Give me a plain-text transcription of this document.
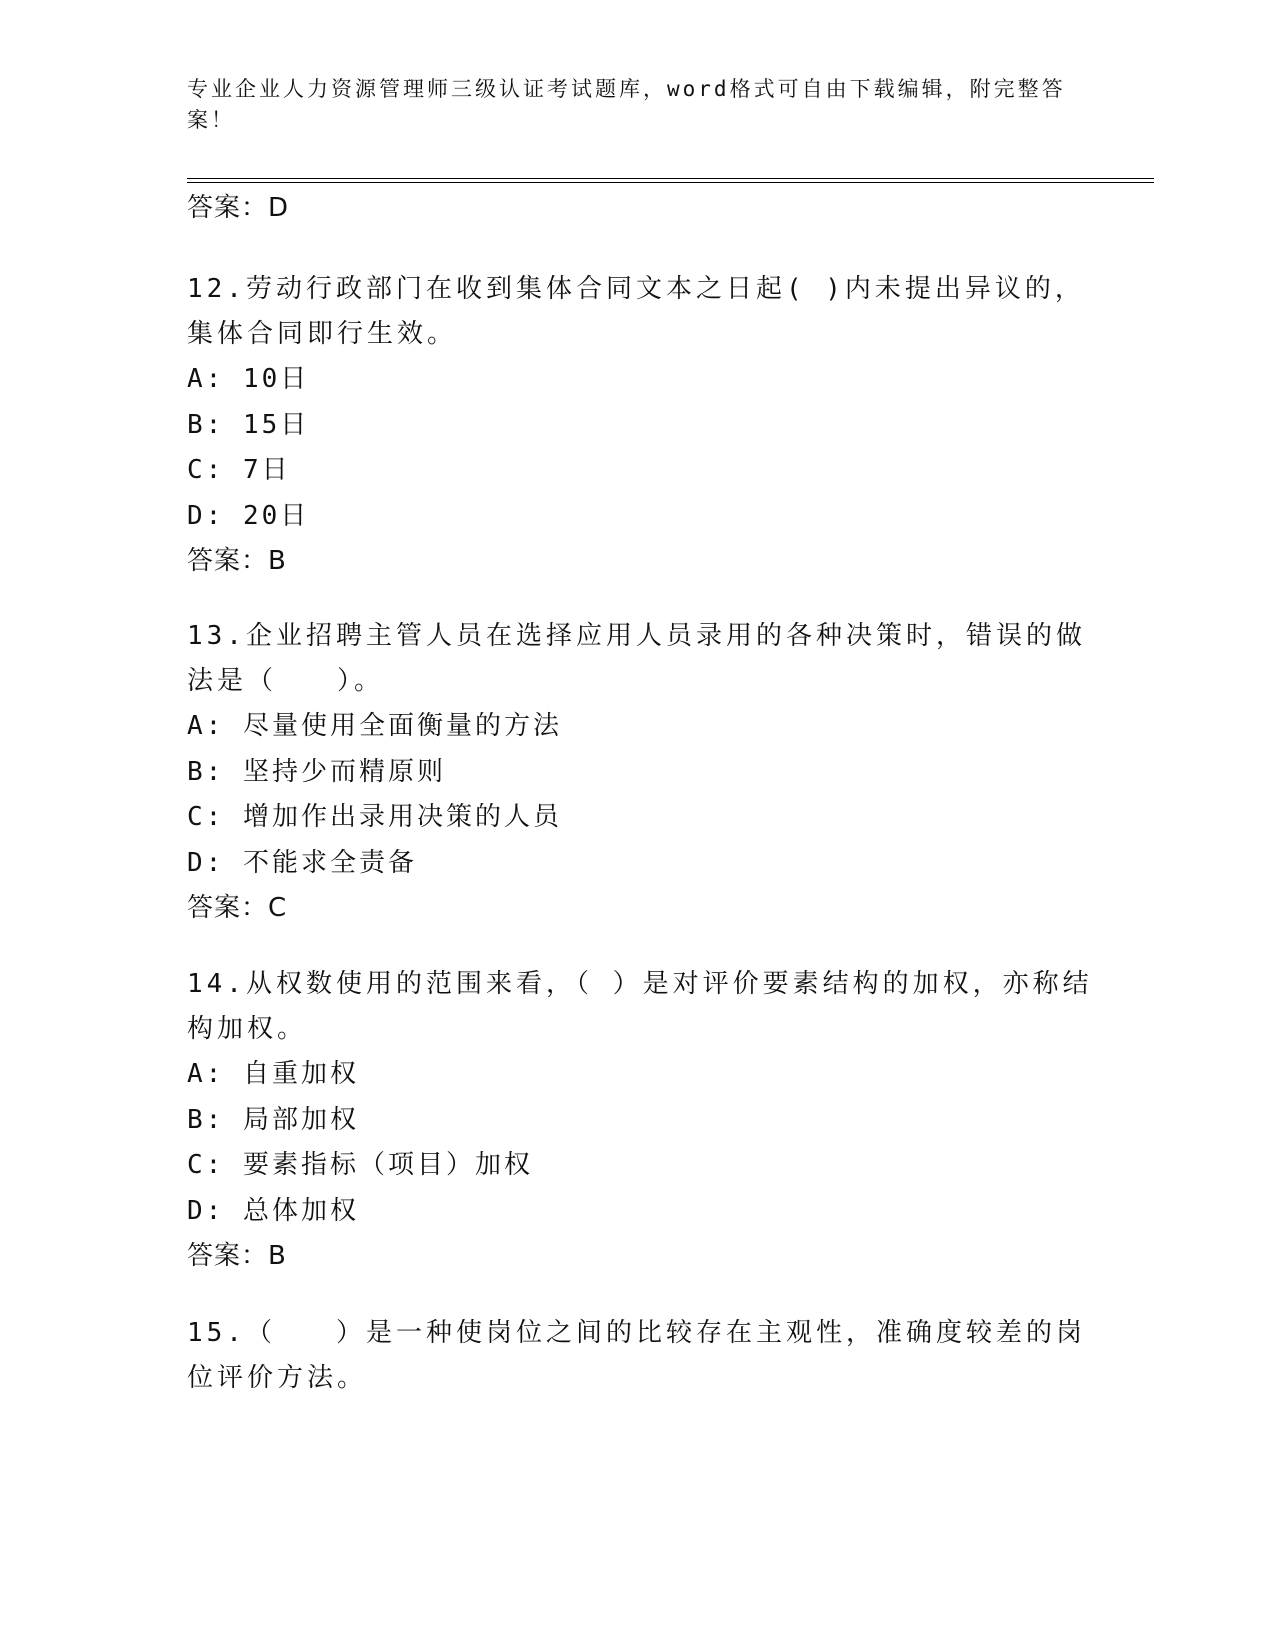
专业企业人力资源管理师三级认证考试题库，word格式可自由下载编辑，附完整答案！
答案：D

12.劳动行政部门在收到集体合同文本之日起( )内未提出异议的，集体合同即行生效。

A: 10日
B: 15日
C: 7日
D: 20日
答案：B

13.企业招聘主管人员在选择应用人员录用的各种决策时，错误的做法是（　　）。

A: 尽量使用全面衡量的方法
B: 坚持少而精原则
C: 增加作出录用决策的人员
D: 不能求全责备
答案：C

14.从权数使用的范围来看，（ ）是对评价要素结构的加权，亦称结构加权。

A: 自重加权
B: 局部加权
C: 要素指标（项目）加权
D: 总体加权
答案：B

15.（　　）是一种使岗位之间的比较存在主观性，准确度较差的岗位评价方法。
